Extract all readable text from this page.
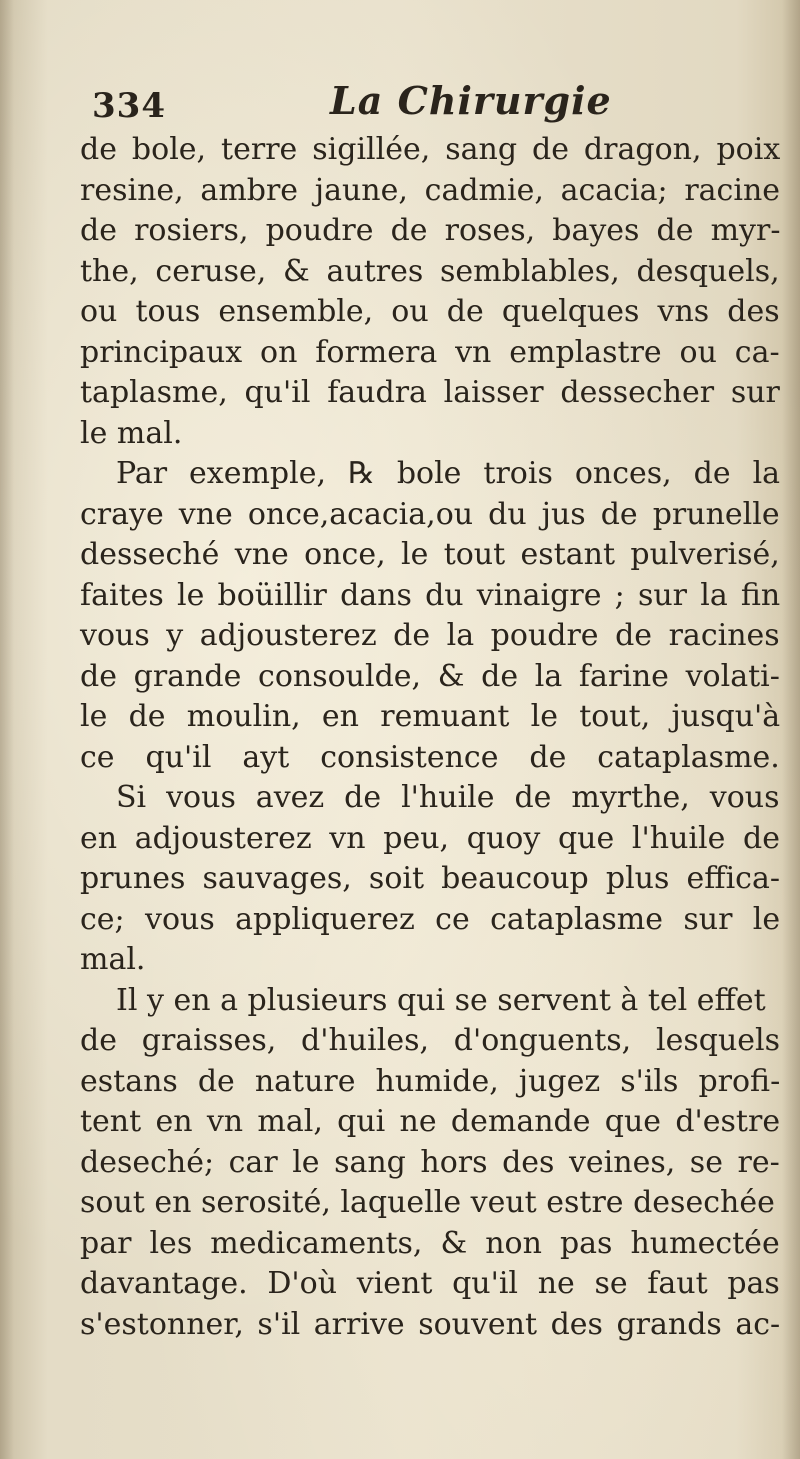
334	La Chirurgie
de bole, terre sigillée, sang de dragon, poix
resine, ambre jaune, cadmie, acacia; racine
de rosiers, poudre de roses, bayes de myr-
the, ceruse, & autres semblables, desquels,
ou tous ensemble, ou de quelques vns des
principaux on formera vn emplastre ou ca-
taplasme, qu'il faudra laisser dessecher sur
le mal.
Par exemple, ℞ bole trois onces, de la
craye vne once,acacia,ou du jus de prunelle
desseché vne once, le tout estant pulverisé,
faites le boüillir dans du vinaigre ; sur la fin
vous y adjousterez de la poudre de racines
de grande consoulde, & de la farine volati-
le de moulin, en remuant le tout, jusqu'à
ce qu'il ayt consistence de cataplasme.
Si vous avez de l'huile de myrthe, vous
en adjousterez vn peu, quoy que l'huile de
prunes sauvages, soit beaucoup plus effica-
ce; vous appliquerez ce cataplasme sur le
mal.
Il y en a plusieurs qui se servent à tel effet
de graisses, d'huiles, d'onguents, lesquels
estans de nature humide, jugez s'ils profi-
tent en vn mal, qui ne demande que d'estre
deseché; car le sang hors des veines, se re-
sout en serosité, laquelle veut estre desechée
par les medicaments, & non pas humectée
davantage. D'où vient qu'il ne se faut pas
s'estonner, s'il arrive souvent des grands ac-
